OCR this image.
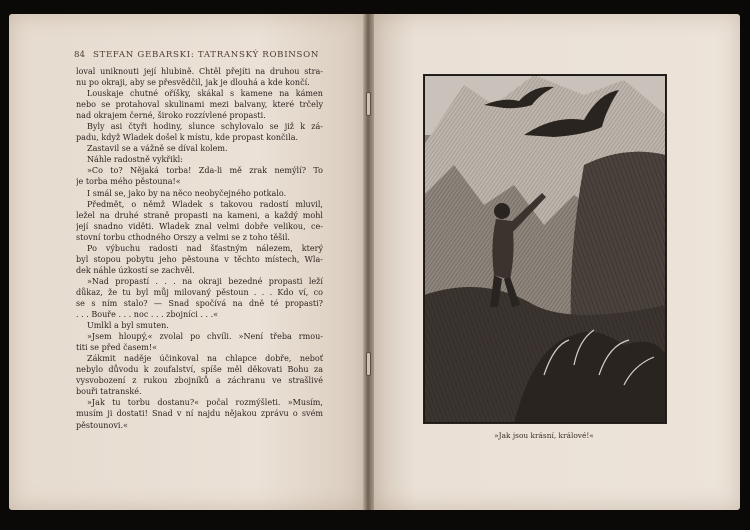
84 STEFAN GEBARSKI: TATRANSKÝ ROBINSON
loval uniknouti její hlubině. Chtěl přejíti na druhou stra-
nu po okraji, aby se přesvědčil, jak je dlouhá a kde končí.
Louskaje chutné oříšky, skákal s kamene na kámen
nebo se protahoval skulinami mezi balvany, které trčely
nad okrajem černé, široko rozzívlené propasti.
Byly asi čtyři hodiny, slunce schylovalo se již k zá-
padu, když Wladek došel k místu, kde propast končila.
Zastavil se a vážně se díval kolem.
Náhle radostně vykřikl:
»Co to? Nějaká torba! Zda-li mě zrak nemýlí? To
je torba mého pěstouna!«
I smál se, jako by na něco neobyčejného potkalo.
Předmět, o němž Wladek s takovou radostí mluvil,
ležel na druhé straně propasti na kameni, a každý mohl
její snadno viděti. Wladek znal velmi dobře velikou, ce-
stovní torbu cthodného Orszy a velmi se z toho těšil.
Po výbuchu radosti nad šťastným nálezem, který
byl stopou pobytu jeho pěstouna v těchto místech, Wla-
dek náhle úzkostí se zachvěl.
»Nad propastí . . . na okraji bezedné propasti leží
důkaz, že tu byl můj milovaný pěstoun . . . Kdo ví, co
se s ním stalo? — Snad spočívá na dně té propasti?
. . . Bouře . . . noc . . . zbojníci . . .«
Umlkl a byl smuten.
»Jsem hloupý,« zvolal po chvíli. »Není třeba rmou-
titi se před časem!«
Zákmit naděje účinkoval na chlapce dobře, neboť
nebylo důvodu k zoufalství, spíše měl děkovati Bohu za
vysvobození z rukou zbojníků a záchranu ve strašlivé
bouři tatranské.
»Jak tu torbu dostanu?« počal rozmýšleti. »Musím,
musím ji dostati! Snad v ní najdu nějakou zprávu o svém
pěstounovi.«
»Jak jsou krásní, králové!«
